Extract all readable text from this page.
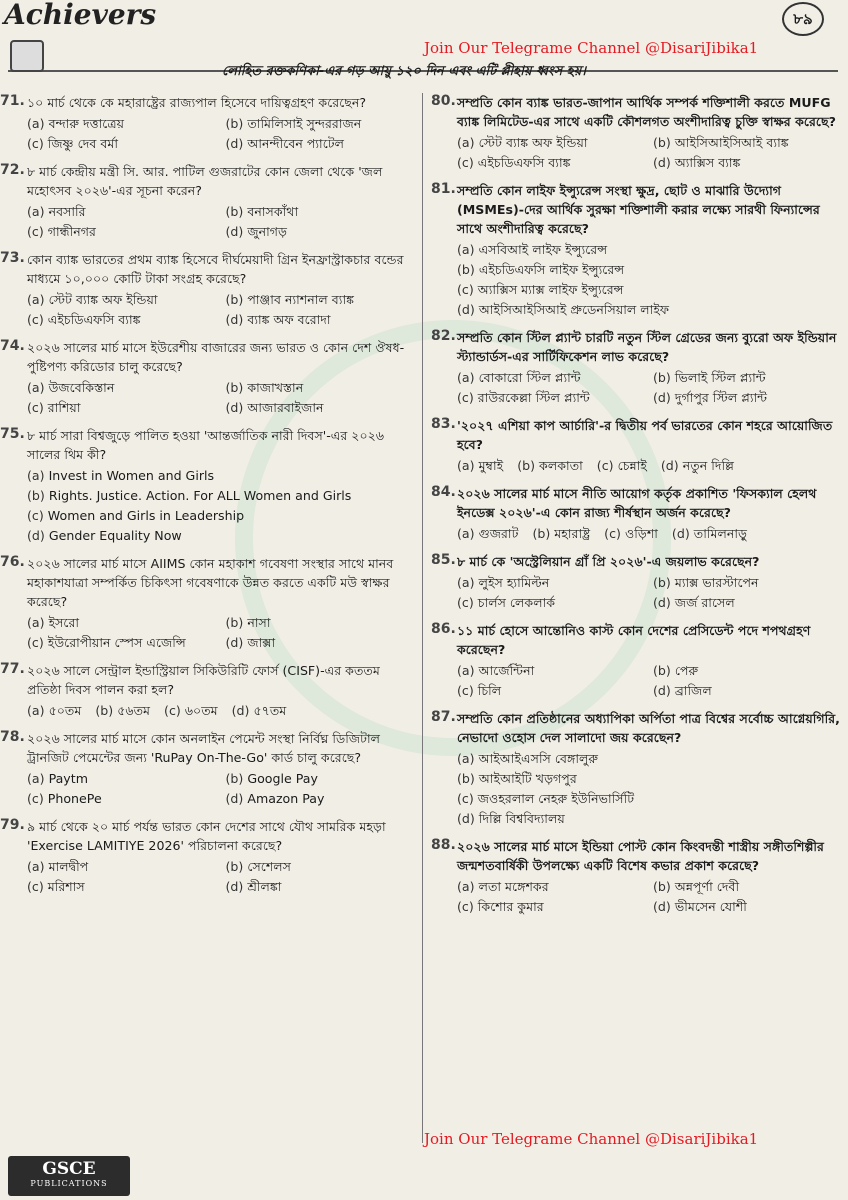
Achievers	৮৯
Join Our Telegrame Channel @DisariJibika1
লোহিত রক্তকণিকা-এর গড় আয়ু ১২০ দিন এবং এটি প্লীহায় ধ্বংস হয়।
71. ১০ মার্চ থেকে কে মহারাষ্ট্রের রাজ্যপাল হিসেবে দায়িত্বগ্রহণ করেছেন?
(a) বন্দারু দত্তাত্রেয়	(b) তামিলিসাই সুন্দররাজন
(c) জিষ্ণু দেব বর্মা	(d) আনন্দীবেন প্যাটেল
72. ৮ মার্চ কেন্দ্রীয় মন্ত্রী সি. আর. পাটিল গুজরাটের কোন জেলা থেকে 'জল মহোৎসব ২০২৬'-এর সূচনা করেন?
(a) নবসারি	(b) বনাসকাঁথা
(c) গান্ধীনগর	(d) জুনাগড়
73. কোন ব্যাঙ্ক ভারতের প্রথম ব্যাঙ্ক হিসেবে দীর্ঘমেয়াদী গ্রিন ইনফ্রাস্ট্রাকচার বন্ডের মাধ্যমে ১০,০০০ কোটি টাকা সংগ্রহ করেছে?
(a) স্টেট ব্যাঙ্ক অফ ইন্ডিয়া	(b) পাঞ্জাব ন্যাশনাল ব্যাঙ্ক
(c) এইচডিএফসি ব্যাঙ্ক	(d) ব্যাঙ্ক অফ বরোদা
74. ২০২৬ সালের মার্চ মাসে ইউরেশীয় বাজারের জন্য ভারত ও কোন দেশ ঔষধ-পুষ্টিপণ্য করিডোর চালু করেছে?
(a) উজবেকিস্তান	(b) কাজাখস্তান
(c) রাশিয়া	(d) আজারবাইজান
75. ৮ মার্চ সারা বিশ্বজুড়ে পালিত হওয়া 'আন্তর্জাতিক নারী দিবস'-এর ২০২৬ সালের থিম কী?
(a) Invest in Women and Girls
(b) Rights. Justice. Action. For ALL Women and Girls
(c) Women and Girls in Leadership
(d) Gender Equality Now
76. ২০২৬ সালের মার্চ মাসে AIIMS কোন মহাকাশ গবেষণা সংস্থার সাথে মানব মহাকাশযাত্রা সম্পর্কিত চিকিৎসা গবেষণাকে উন্নত করতে একটি মউ স্বাক্ষর করেছে?
(a) ইসরো	(b) নাসা
(c) ইউরোপীয়ান স্পেস এজেন্সি	(d) জাক্সা
77. ২০২৬ সালে সেন্ট্রাল ইন্ডাস্ট্রিয়াল সিকিউরিটি ফোর্স (CISF)-এর কততম প্রতিষ্ঠা দিবস পালন করা হল?
(a) ৫০তম (b) ৫৬তম (c) ৬০তম (d) ৫৭তম
78. ২০২৬ সালের মার্চ মাসে কোন অনলাইন পেমেন্ট সংস্থা নির্বিঘ্ন ডিজিটাল ট্রানজিট পেমেন্টের জন্য 'RuPay On-The-Go' কার্ড চালু করেছে?
(a) Paytm	(b) Google Pay
(c) PhonePe	(d) Amazon Pay
79. ৯ মার্চ থেকে ২০ মার্চ পর্যন্ত ভারত কোন দেশের সাথে যৌথ সামরিক মহড়া 'Exercise LAMITIYE 2026' পরিচালনা করেছে?
(a) মালদ্বীপ	(b) সেশেলস
(c) মরিশাস	(d) শ্রীলঙ্কা
80. সম্প্রতি কোন ব্যাঙ্ক ভারত-জাপান আর্থিক সম্পর্ক শক্তিশালী করতে MUFG ব্যাঙ্ক লিমিটেড-এর সাথে একটি কৌশলগত অংশীদারিত্ব চুক্তি স্বাক্ষর করেছে?
(a) স্টেট ব্যাঙ্ক অফ ইন্ডিয়া	(b) আইসিআইসিআই ব্যাঙ্ক
(c) এইচডিএফসি ব্যাঙ্ক	(d) অ্যাক্সিস ব্যাঙ্ক
81. সম্প্রতি কোন লাইফ ইন্স্যুরেন্স সংস্থা ক্ষুদ্র, ছোট ও মাঝারি উদ্যোগ (MSMEs)-দের আর্থিক সুরক্ষা শক্তিশালী করার লক্ষ্যে সারথী ফিন্যান্সের সাথে অংশীদারিত্ব করেছে?
(a) এসবিআই লাইফ ইন্স্যুরেন্স
(b) এইচডিএফসি লাইফ ইন্স্যুরেন্স
(c) অ্যাক্সিস ম্যাক্স লাইফ ইন্স্যুরেন্স
(d) আইসিআইসিআই প্রুডেনসিয়াল লাইফ
82. সম্প্রতি কোন স্টিল প্ল্যান্ট চারটি নতুন স্টিল গ্রেডের জন্য ব্যুরো অফ ইন্ডিয়ান স্ট্যান্ডার্ডস-এর সার্টিফিকেশন লাভ করেছে?
(a) বোকারো স্টিল প্ল্যান্ট	(b) ভিলাই স্টিল প্ল্যান্ট
(c) রাউরকেল্লা স্টিল প্ল্যান্ট	(d) দুর্গাপুর স্টিল প্ল্যান্ট
83. '২০২৭ এশিয়া কাপ আর্চারি'-র দ্বিতীয় পর্ব ভারতের কোন শহরে আয়োজিত হবে?
(a) মুম্বাই (b) কলকাতা (c) চেন্নাই (d) নতুন দিল্লি
84. ২০২৬ সালের মার্চ মাসে নীতি আয়োগ কর্তৃক প্রকাশিত 'ফিসক্যাল হেলথ ইনডেক্স ২০২৬'-এ কোন রাজ্য শীর্ষস্থান অর্জন করেছে?
(a) গুজরাট (b) মহারাষ্ট্র (c) ওড়িশা (d) তামিলনাড়ু
85. ৮ মার্চ কে 'অস্ট্রেলিয়ান গ্রাঁ প্রি ২০২৬'-এ জয়লাভ করেছেন?
(a) লুইস হ্যামিল্টন	(b) ম্যাক্স ভারস্টাপেন
(c) চার্লস লেকলার্ক	(d) জর্জ রাসেল
86. ১১ মার্চ হোসে আন্তোনিও কাস্ট কোন দেশের প্রেসিডেন্ট পদে শপথগ্রহণ করেছেন?
(a) আর্জেন্টিনা	(b) পেরু
(c) চিলি	(d) ব্রাজিল
87. সম্প্রতি কোন প্রতিষ্ঠানের অধ্যাপিকা অর্পিতা পাত্র বিশ্বের সর্বোচ্চ আগ্নেয়গিরি, নেভাদো ওহোস দেল সালাদো জয় করেছেন?
(a) আইআইএসসি বেঙ্গালুরু
(b) আইআইটি খড়গপুর
(c) জওহরলাল নেহরু ইউনিভার্সিটি
(d) দিল্লি বিশ্ববিদ্যালয়
88. ২০২৬ সালের মার্চ মাসে ইন্ডিয়া পোস্ট কোন কিংবদন্তী শাস্ত্রীয় সঙ্গীতশিল্পীর জন্মশতবার্ষিকী উপলক্ষ্যে একটি বিশেষ কভার প্রকাশ করেছে?
(a) লতা মঙ্গেশকর	(b) অন্নপূর্ণা দেবী
(c) কিশোর কুমার	(d) ভীমসেন যোশী
Join Our Telegrame Channel @DisariJibika1
GSCE
PUBLICATIONS
